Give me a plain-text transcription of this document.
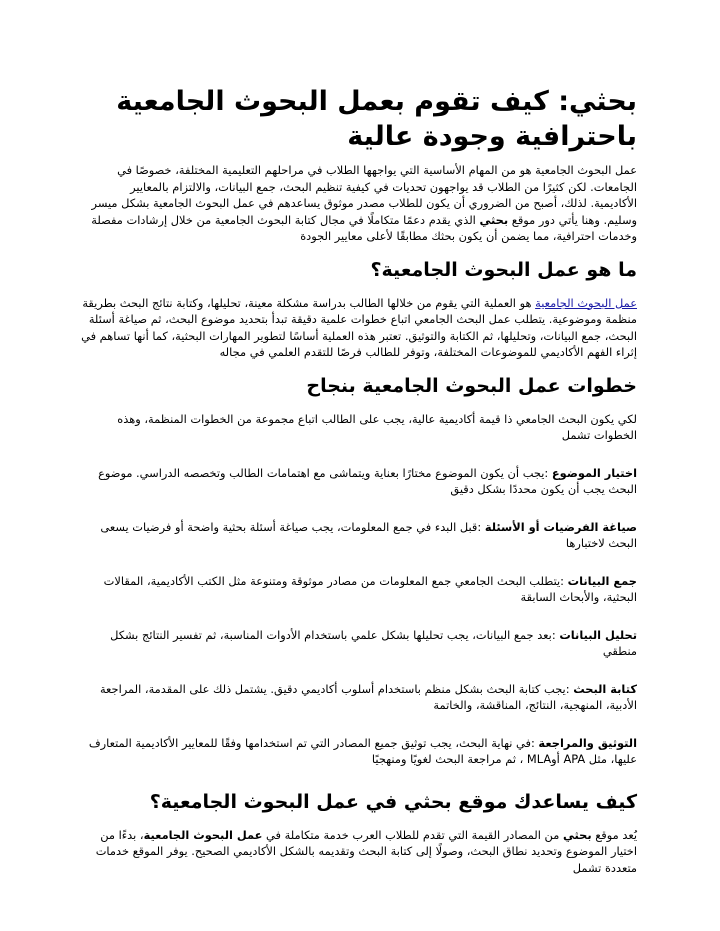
بحثي: كيف تقوم بعمل البحوث الجامعية باحترافية وجودة عالية

عمل البحوث الجامعية هو من المهام الأساسية التي يواجهها الطلاب في مراحلهم التعليمية المختلفة، خصوصًا في الجامعات. لكن كثيرًا من الطلاب قد يواجهون تحديات في كيفية تنظيم البحث، جمع البيانات، والالتزام بالمعايير الأكاديمية. لذلك، أصبح من الضروري أن يكون للطلاب مصدر موثوق يساعدهم في عمل البحوث الجامعية بشكل ميسر وسليم. وهنا يأتي دور موقع بحثي الذي يقدم دعمًا متكاملًا في مجال كتابة البحوث الجامعية من خلال إرشادات مفصلة وخدمات احترافية، مما يضمن أن يكون بحثك مطابقًا لأعلى معايير الجودة

ما هو عمل البحوث الجامعية؟

عمل البحوث الجامعية هو العملية التي يقوم من خلالها الطالب بدراسة مشكلة معينة، تحليلها، وكتابة نتائج البحث بطريقة منظمة وموضوعية. يتطلب عمل البحث الجامعي اتباع خطوات علمية دقيقة تبدأ بتحديد موضوع البحث، ثم صياغة أسئلة البحث، جمع البيانات، وتحليلها، ثم الكتابة والتوثيق. تعتبر هذه العملية أساسًا لتطوير المهارات البحثية، كما أنها تساهم في إثراء الفهم الأكاديمي للموضوعات المختلفة، وتوفر للطالب فرصًا للتقدم العلمي في مجاله

خطوات عمل البحوث الجامعية بنجاح

لكي يكون البحث الجامعي ذا قيمة أكاديمية عالية، يجب على الطالب اتباع مجموعة من الخطوات المنظمة، وهذه الخطوات تشمل

اختيار الموضوع :يجب أن يكون الموضوع مختارًا بعناية ويتماشى مع اهتمامات الطالب وتخصصه الدراسي. موضوع البحث يجب أن يكون محددًا بشكل دقيق

صياغة الفرضيات أو الأسئلة :قبل البدء في جمع المعلومات، يجب صياغة أسئلة بحثية واضحة أو فرضيات يسعى البحث لاختبارها

جمع البيانات :يتطلب البحث الجامعي جمع المعلومات من مصادر موثوقة ومتنوعة مثل الكتب الأكاديمية، المقالات البحثية، والأبحاث السابقة

تحليل البيانات :بعد جمع البيانات، يجب تحليلها بشكل علمي باستخدام الأدوات المناسبة، ثم تفسير النتائج بشكل منطقي

كتابة البحث :يجب كتابة البحث بشكل منظم باستخدام أسلوب أكاديمي دقيق. يشتمل ذلك على المقدمة، المراجعة الأدبية، المنهجية، النتائج، المناقشة، والخاتمة

التوثيق والمراجعة :في نهاية البحث، يجب توثيق جميع المصادر التي تم استخدامها وفقًا للمعايير الأكاديمية المتعارف عليها، مثل APA أوMLA ، ثم مراجعة البحث لغويًا ومنهجيًا

كيف يساعدك موقع بحثي في عمل البحوث الجامعية؟

يُعد موقع بحثي من المصادر القيمة التي تقدم للطلاب العرب خدمة متكاملة في عمل البحوث الجامعية، بدءًا من اختيار الموضوع وتحديد نطاق البحث، وصولًا إلى كتابة البحث وتقديمه بالشكل الأكاديمي الصحيح. يوفر الموقع خدمات متعددة تشمل
